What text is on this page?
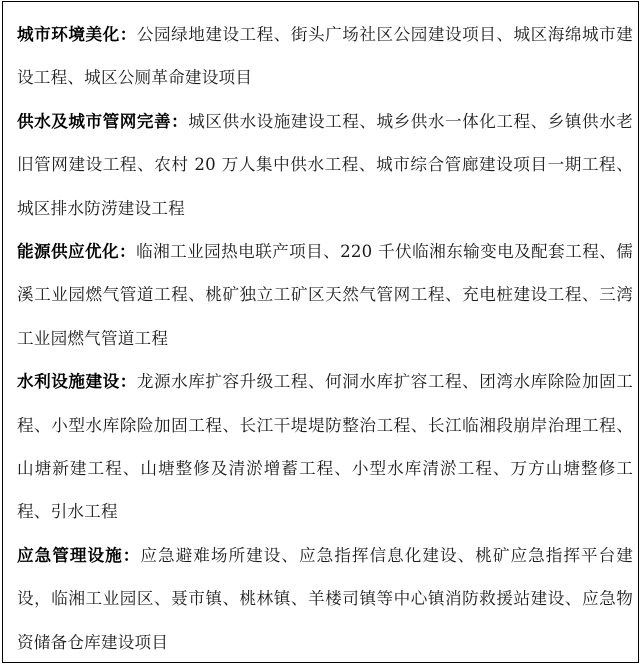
城市环境美化：公园绿地建设工程、街头广场社区公园建设项目、城区海绵城市建设工程、城区公厕革命建设项目

供水及城市管网完善：城区供水设施建设工程、城乡供水一体化工程、乡镇供水老旧管网建设工程、农村 20 万人集中供水工程、城市综合管廊建设项目一期工程、城区排水防涝建设工程

能源供应优化：临湘工业园热电联产项目、220 千伏临湘东输变电及配套工程、儒溪工业园燃气管道工程、桃矿独立工矿区天然气管网工程、充电桩建设工程、三湾工业园燃气管道工程

水利设施建设：龙源水库扩容升级工程、何洞水库扩容工程、团湾水库除险加固工程、小型水库除险加固工程、长江干堤堤防整治工程、长江临湘段崩岸治理工程、山塘新建工程、山塘整修及清淤增蓄工程、小型水库清淤工程、万方山塘整修工程、引水工程

应急管理设施：应急避难场所建设、应急指挥信息化建设、桃矿应急指挥平台建设，临湘工业园区、聂市镇、桃林镇、羊楼司镇等中心镇消防救援站建设、应急物资储备仓库建设项目
